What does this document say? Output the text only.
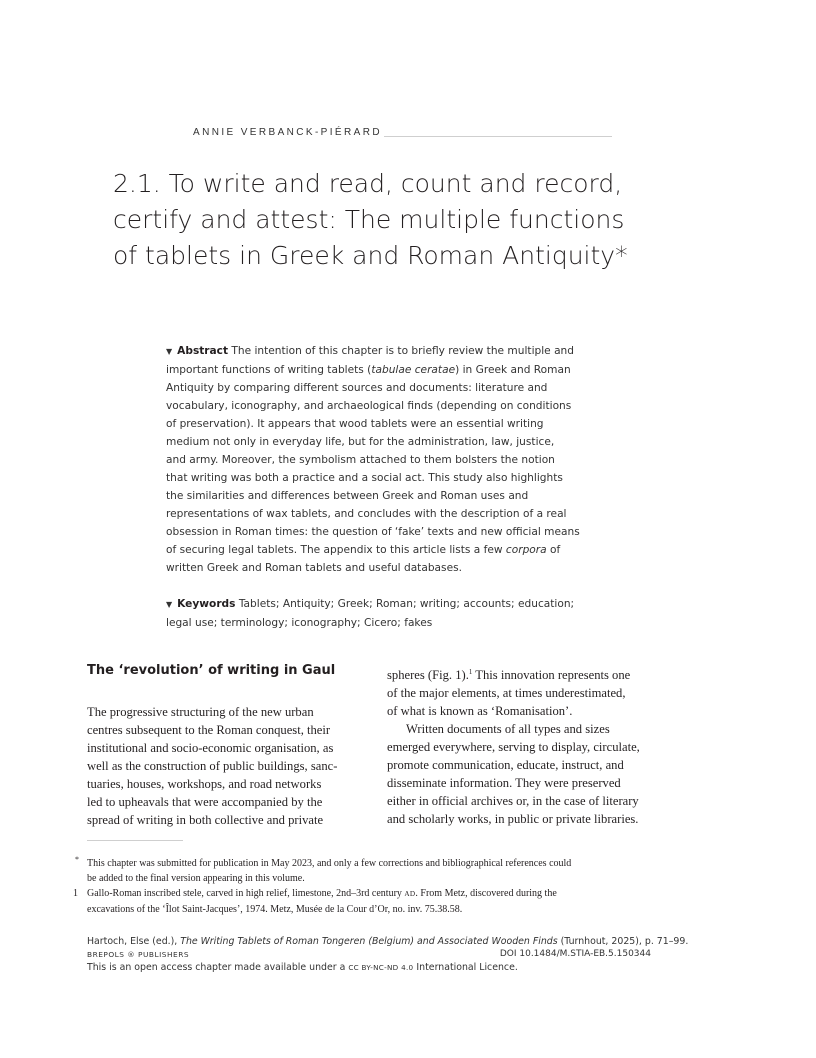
ANNIE VERBANCK-PIÉRARD
2.1. To write and read, count and record,
certify and attest: The multiple functions
of tablets in Greek and Roman Antiquity*
▼ Abstract The intention of this chapter is to briefly review the multiple and
important functions of writing tablets (tabulae ceratae) in Greek and Roman
Antiquity by comparing different sources and documents: literature and
vocabulary, iconography, and archaeological finds (depending on conditions
of preservation). It appears that wood tablets were an essential writing
medium not only in everyday life, but for the administration, law, justice,
and army. Moreover, the symbolism attached to them bolsters the notion
that writing was both a practice and a social act. This study also highlights
the similarities and differences between Greek and Roman uses and
representations of wax tablets, and concludes with the description of a real
obsession in Roman times: the question of ‘fake’ texts and new official means
of securing legal tablets. The appendix to this article lists a few corpora of
written Greek and Roman tablets and useful databases.
▼ Keywords Tablets; Antiquity; Greek; Roman; writing; accounts; education;
legal use; terminology; iconography; Cicero; fakes
The ‘revolution’ of writing in Gaul
The progressive structuring of the new urban
centres subsequent to the Roman conquest, their
institutional and socio-economic organisation, as
well as the construction of public buildings, sanc-
tuaries, houses, workshops, and road networks
led to upheavals that were accompanied by the
spread of writing in both collective and private
spheres (Fig. 1).$^1$ This innovation represents one
of the major elements, at times underestimated,
of what is known as ‘Romanisation’.
Written documents of all types and sizes
emerged everywhere, serving to display, circulate,
promote communication, educate, instruct, and
disseminate information. They were preserved
either in official archives or, in the case of literary
and scholarly works, in public or private libraries.
* This chapter was submitted for publication in May 2023, and only a few corrections and bibliographical references could
be added to the final version appearing in this volume.
1 Gallo-Roman inscribed stele, carved in high relief, limestone, 2nd–3rd century AD. From Metz, discovered during the
excavations of the ‘Îlot Saint-Jacques’, 1974. Metz, Musée de la Cour d’Or, no. inv. 75.38.58.
Hartoch, Else (ed.), The Writing Tablets of Roman Tongeren (Belgium) and Associated Wooden Finds (Turnhout, 2025), p. 71–99.
BREPOLS ® PUBLISHERS	DOI 10.1484/M.STIA-EB.5.150344
This is an open access chapter made available under a CC BY-NC-ND 4.0 International Licence.
